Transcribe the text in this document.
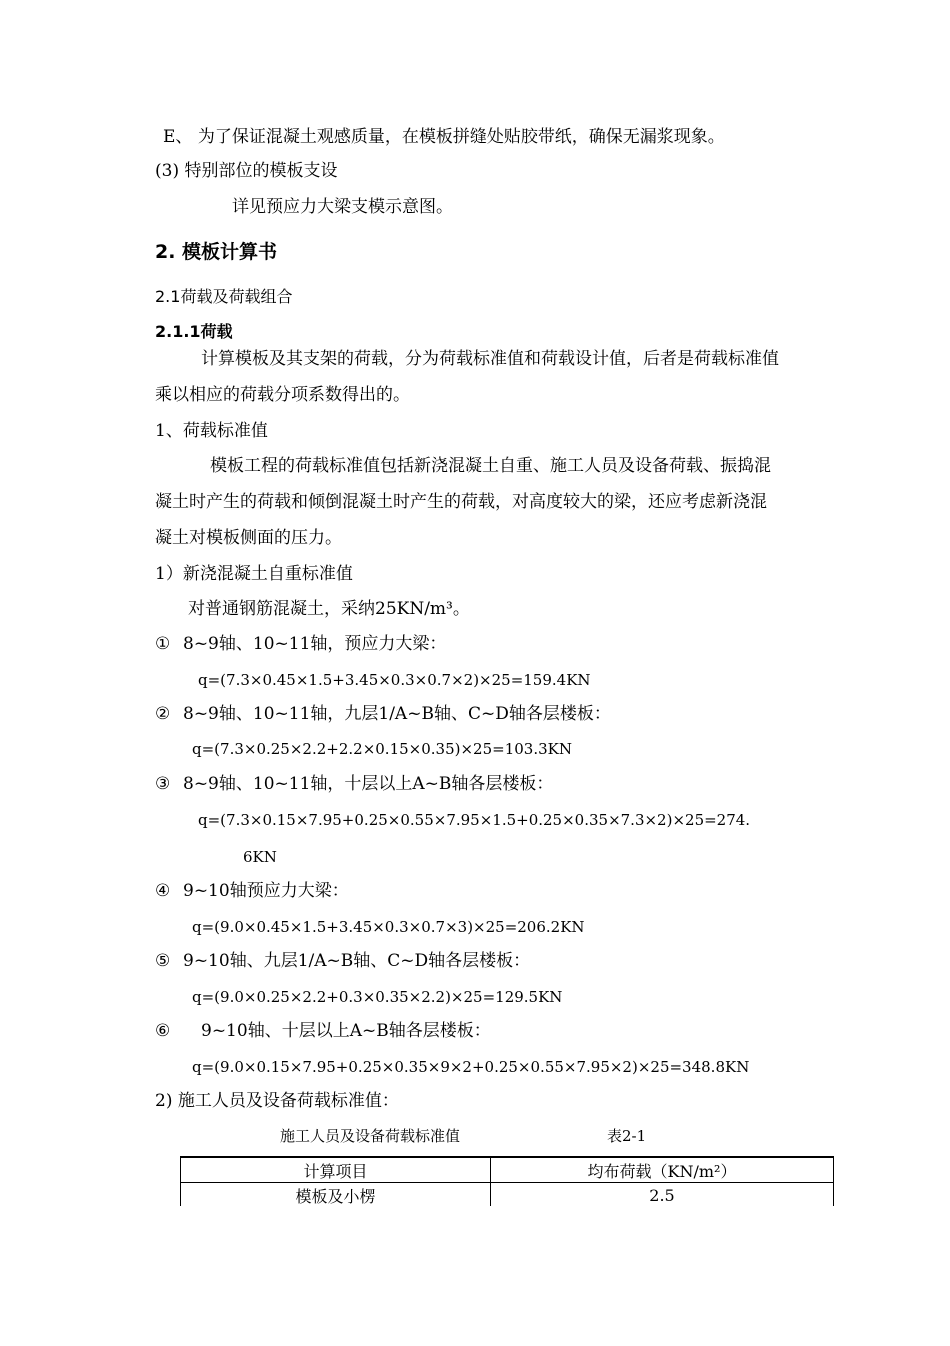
E、 为了保证混凝土观感质量，在模板拼缝处贴胶带纸，确保无漏浆现象。
(3) 特别部位的模板支设
详见预应力大梁支模示意图。
2. 模板计算书
2.1荷载及荷载组合
2.1.1荷载
计算模板及其支架的荷载，分为荷载标准值和荷载设计值，后者是荷载标准值
乘以相应的荷载分项系数得出的。
1、荷载标准值
模板工程的荷载标准值包括新浇混凝土自重、施工人员及设备荷载、振捣混
凝土时产生的荷载和倾倒混凝土时产生的荷载，对高度较大的梁，还应考虑新浇混
凝土对模板侧面的压力。
1）新浇混凝土自重标准值
对普通钢筋混凝土，采纳25KN/m³。
① 8~9轴、10~11轴，预应力大梁：
q=(7.3×0.45×1.5+3.45×0.3×0.7×2)×25=159.4KN
② 8~9轴、10~11轴，九层1/A~B轴、C~D轴各层楼板：
q=(7.3×0.25×2.2+2.2×0.15×0.35)×25=103.3KN
③ 8~9轴、10~11轴，十层以上A~B轴各层楼板：
q=(7.3×0.15×7.95+0.25×0.55×7.95×1.5+0.25×0.35×7.3×2)×25=274.
6KN
④ 9~10轴预应力大梁：
q=(9.0×0.45×1.5+3.45×0.3×0.7×3)×25=206.2KN
⑤ 9~10轴、九层1/A~B轴、C~D轴各层楼板：
q=(9.0×0.25×2.2+0.3×0.35×2.2)×25=129.5KN
⑥ 9~10轴、十层以上A~B轴各层楼板：
q=(9.0×0.15×7.95+0.25×0.35×9×2+0.25×0.55×7.95×2)×25=348.8KN
2) 施工人员及设备荷载标准值：
施工人员及设备荷载标准值	表2-1
计算项目	均布荷载（KN/m²）
模板及小楞	2.5
